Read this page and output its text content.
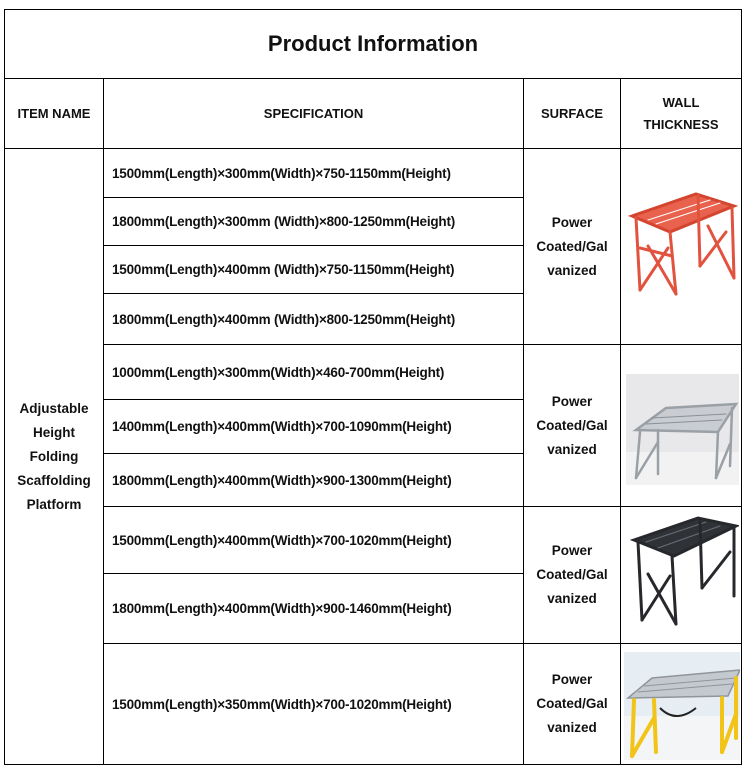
Product Information
ITEM NAME	SPECIFICATION	SURFACE
WALL
THICKNESS
Adjustable
Height
Folding
Scaffolding
Platform
1500mm(Length)×300mm(Width)×750-1150mm(Height)
1800mm(Length)×300mm (Width)×800-1250mm(Height)
1500mm(Length)×400mm (Width)×750-1150mm(Height)
1800mm(Length)×400mm (Width)×800-1250mm(Height)
1000mm(Length)×300mm(Width)×460-700mm(Height)
1400mm(Length)×400mm(Width)×700-1090mm(Height)
1800mm(Length)×400mm(Width)×900-1300mm(Height)
1500mm(Length)×400mm(Width)×700-1020mm(Height)
1800mm(Length)×400mm(Width)×900-1460mm(Height)
1500mm(Length)×350mm(Width)×700-1020mm(Height)
Power
Coated/Gal
vanized
Power
Coated/Gal
vanized
Power
Coated/Gal
vanized
Power
Coated/Gal
vanized
